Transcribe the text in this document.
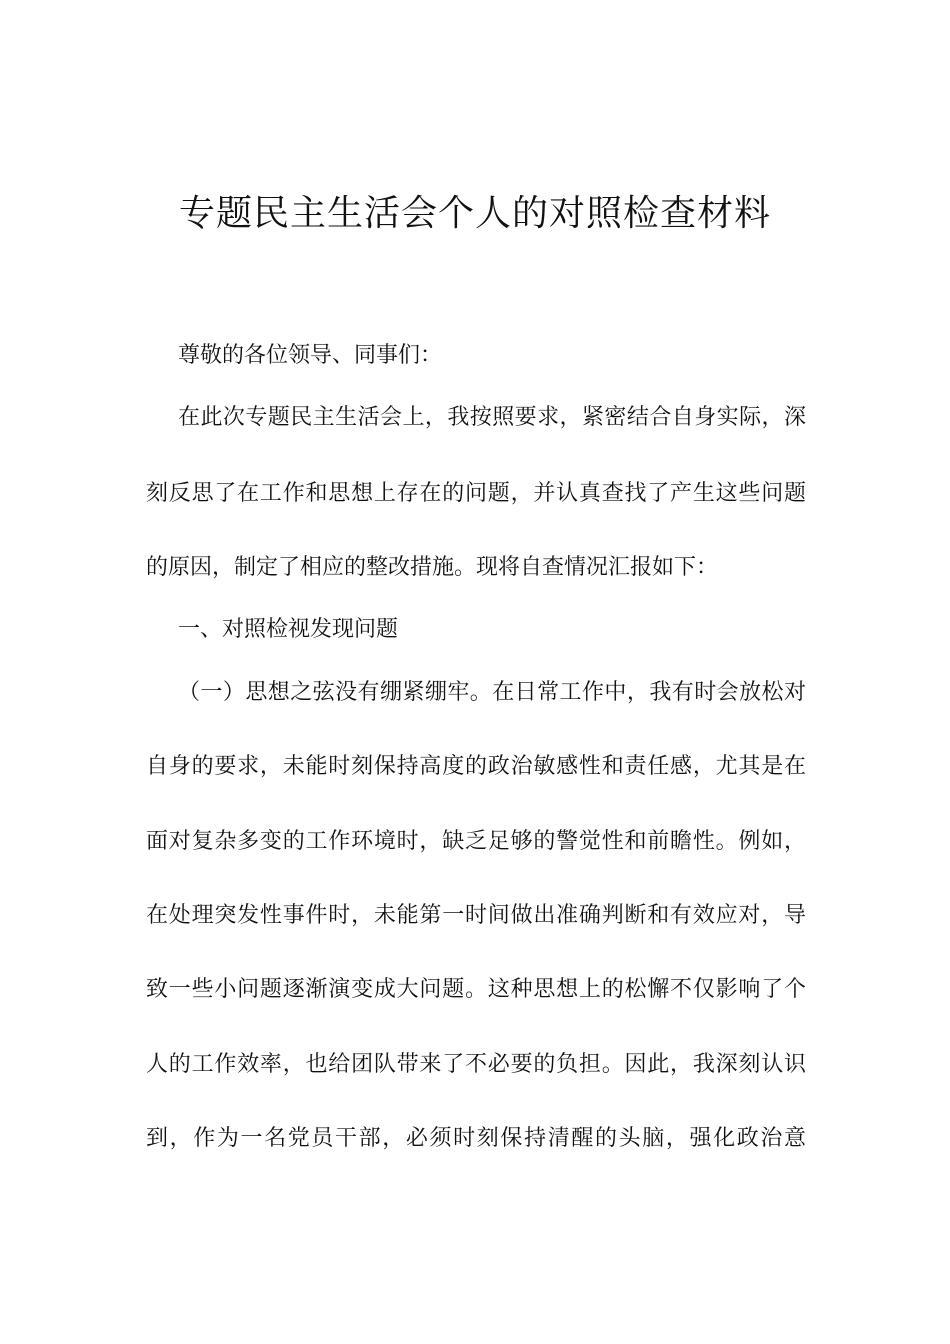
专题民主生活会个人的对照检查材料
尊敬的各位领导、同事们：
在此次专题民主生活会上，我按照要求，紧密结合自身实际，深
刻反思了在工作和思想上存在的问题，并认真查找了产生这些问题
的原因，制定了相应的整改措施。现将自查情况汇报如下：
一、对照检视发现问题
（一）思想之弦没有绷紧绷牢。在日常工作中，我有时会放松对
自身的要求，未能时刻保持高度的政治敏感性和责任感，尤其是在
面对复杂多变的工作环境时，缺乏足够的警觉性和前瞻性。例如，
在处理突发性事件时，未能第一时间做出准确判断和有效应对，导
致一些小问题逐渐演变成大问题。这种思想上的松懈不仅影响了个
人的工作效率，也给团队带来了不必要的负担。因此，我深刻认识
到，作为一名党员干部，必须时刻保持清醒的头脑，强化政治意
